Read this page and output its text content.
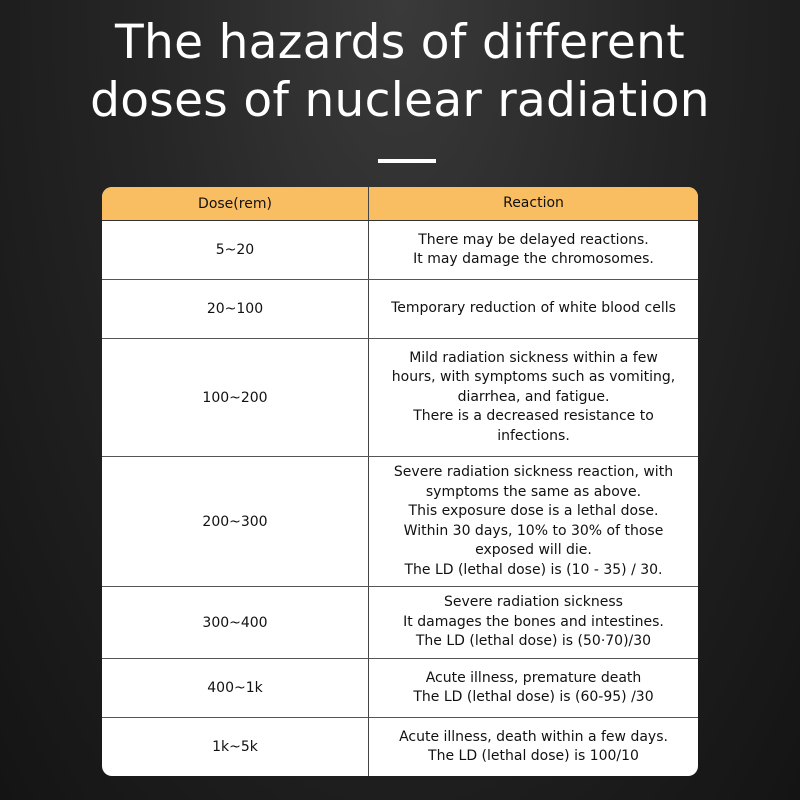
The hazards of different
doses of nuclear radiation
Dose(rem)	Reaction
5~20
There may be delayed reactions.
It may damage the chromosomes.
20~100	Temporary reduction of white blood cells
100~200
Mild radiation sickness within a few
hours, with symptoms such as vomiting,
diarrhea, and fatigue.
There is a decreased resistance to
infections.
200~300
Severe radiation sickness reaction, with
symptoms the same as above.
This exposure dose is a lethal dose.
Within 30 days, 10% to 30% of those
exposed will die.
The LD (lethal dose) is (10 - 35) / 30.
300~400
Severe radiation sickness
It damages the bones and intestines.
The LD (lethal dose) is (50·70)/30
400~1k
Acute illness, premature death
The LD (lethal dose) is (60-95) /30
1k~5k
Acute illness, death within a few days.
The LD (lethal dose) is 100/10
